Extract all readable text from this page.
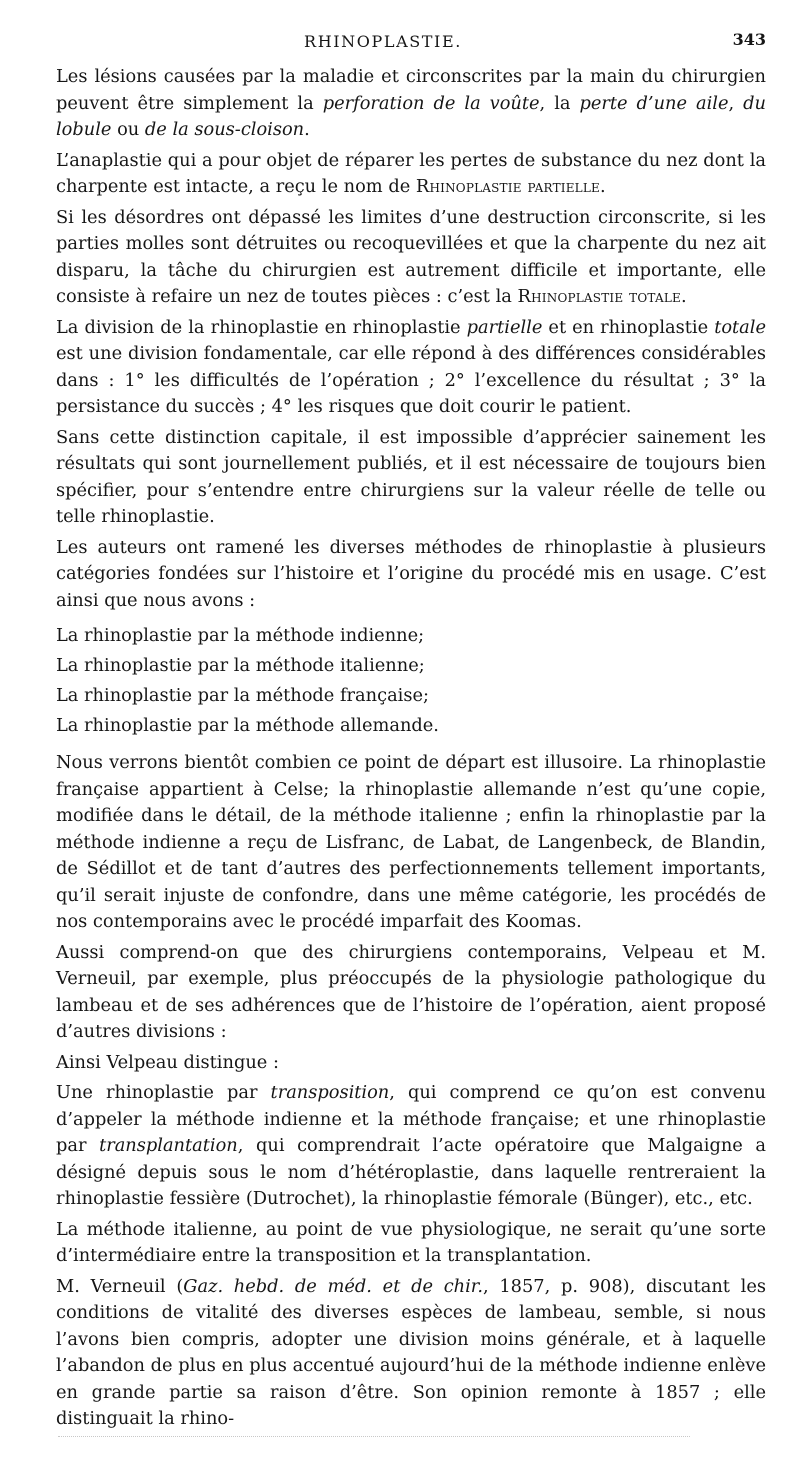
RHINOPLASTIE.	343

Les lésions causées par la maladie et circonscrites par la main du chirurgien peuvent être simplement la perforation de la voûte, la perte d’une aile, du lobule ou de la sous-cloison.

L’anaplastie qui a pour objet de réparer les pertes de substance du nez dont la charpente est intacte, a reçu le nom de Rhinoplastie partielle.

Si les désordres ont dépassé les limites d’une destruction circonscrite, si les parties molles sont détruites ou recoquevillées et que la charpente du nez ait disparu, la tâche du chirurgien est autrement difficile et importante, elle consiste à refaire un nez de toutes pièces : c’est la Rhinoplastie totale.

La division de la rhinoplastie en rhinoplastie partielle et en rhinoplastie totale est une division fondamentale, car elle répond à des différences considérables dans : 1° les difficultés de l’opération ; 2° l’excellence du résultat ; 3° la persistance du succès ; 4° les risques que doit courir le patient.

Sans cette distinction capitale, il est impossible d’apprécier sainement les résultats qui sont journellement publiés, et il est nécessaire de toujours bien spécifier, pour s’entendre entre chirurgiens sur la valeur réelle de telle ou telle rhinoplastie.

Les auteurs ont ramené les diverses méthodes de rhinoplastie à plusieurs catégories fondées sur l’histoire et l’origine du procédé mis en usage. C’est ainsi que nous avons :

La rhinoplastie par la méthode indienne;

La rhinoplastie par la méthode italienne;

La rhinoplastie par la méthode française;

La rhinoplastie par la méthode allemande.

Nous verrons bientôt combien ce point de départ est illusoire. La rhinoplastie française appartient à Celse; la rhinoplastie allemande n’est qu’une copie, modifiée dans le détail, de la méthode italienne ; enfin la rhinoplastie par la méthode indienne a reçu de Lisfranc, de Labat, de Langenbeck, de Blandin, de Sédillot et de tant d’autres des perfectionnements tellement importants, qu’il serait injuste de confondre, dans une même catégorie, les procédés de nos contemporains avec le procédé imparfait des Koomas.

Aussi comprend-on que des chirurgiens contemporains, Velpeau et M. Verneuil, par exemple, plus préoccupés de la physiologie pathologique du lambeau et de ses adhérences que de l’histoire de l’opération, aient proposé d’autres divisions :

Ainsi Velpeau distingue :

Une rhinoplastie par transposition, qui comprend ce qu’on est convenu d’appeler la méthode indienne et la méthode française; et une rhinoplastie par transplantation, qui comprendrait l’acte opératoire que Malgaigne a désigné depuis sous le nom d’hétéroplastie, dans laquelle rentreraient la rhinoplastie fessière (Dutrochet), la rhinoplastie fémorale (Bünger), etc., etc.

La méthode italienne, au point de vue physiologique, ne serait qu’une sorte d’intermédiaire entre la transposition et la transplantation.

M. Verneuil (Gaz. hebd. de méd. et de chir., 1857, p. 908), discutant les conditions de vitalité des diverses espèces de lambeau, semble, si nous l’avons bien compris, adopter une division moins générale, et à laquelle l’abandon de plus en plus accentué aujourd’hui de la méthode indienne enlève en grande partie sa raison d’être. Son opinion remonte à 1857 ; elle distinguait la rhino-
